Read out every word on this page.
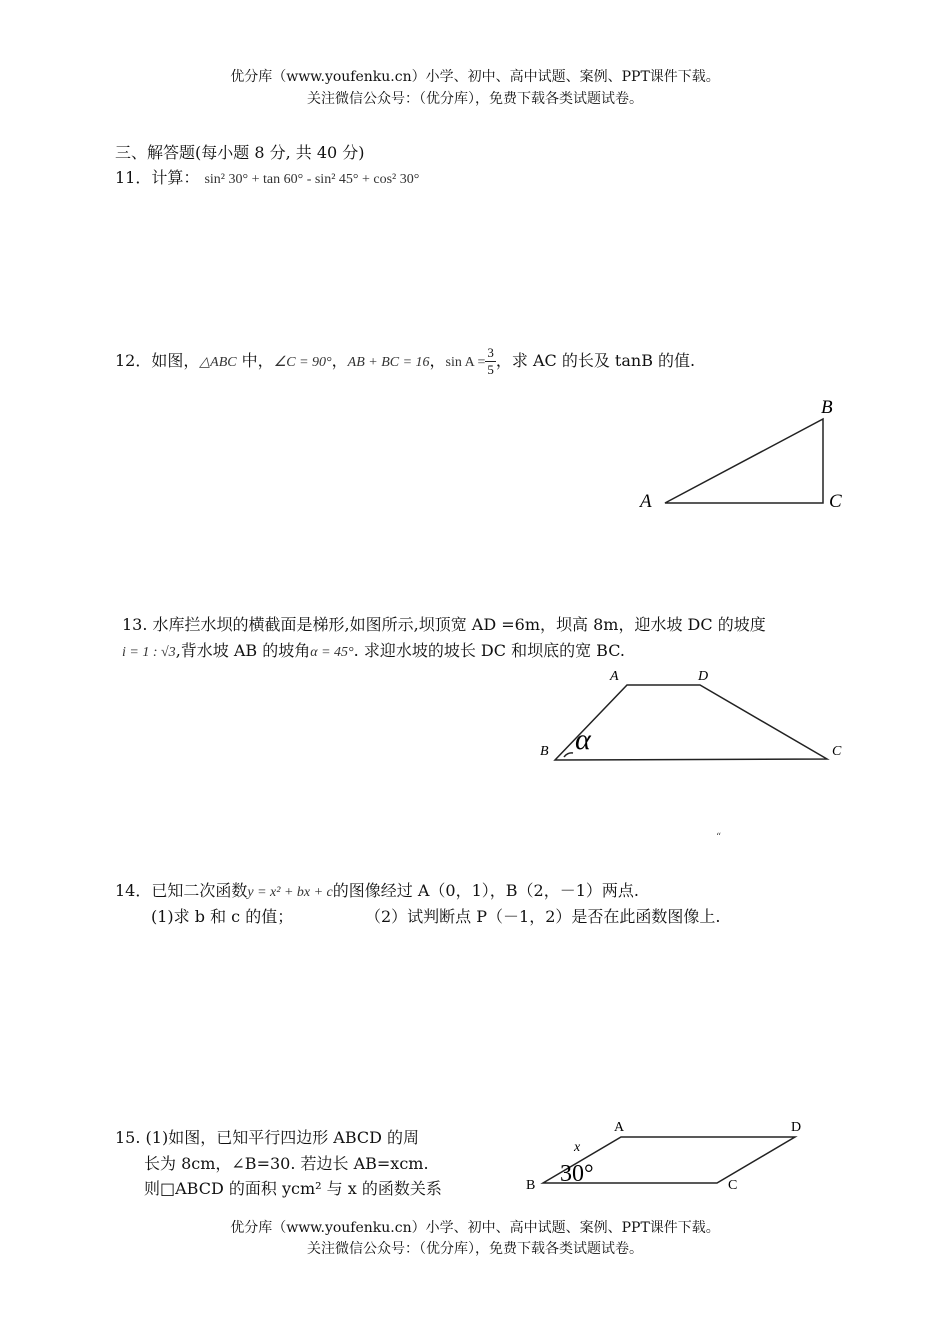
优分库（www.youfenku.cn）小学、初中、高中试题、案例、PPT课件下载。
关注微信公众号：（优分库），免费下载各类试题试卷。
三、解答题(每小题 8 分, 共 40 分)
11．计算： sin² 30° + tan 60° - sin² 45° + cos² 30°
12．如图，△ABC 中，∠C = 90°，AB + BC = 16，$\sin A = \frac{3}{5}$ ，求 AC 的长及 tanB 的值.
A
B
C
13. 水库拦水坝的横截面是梯形,如图所示,坝顶宽 AD =6m，坝高 8m，迎水坡 DC 的坡度
i = 1 : √3,背水坡 AB 的坡角α = 45°. 求迎水坡的坡长 DC 和坝底的宽 BC.
A	D
B	C
α
“
14．已知二次函数y = x² + bx + c的图像经过 A（0，1），B（2，－1）两点.
(1)求 b 和 c 的值；	（2）试判断点 P（－1，2）是否在此函数图像上.
15. (1)如图，已知平行四边形 ABCD 的周
长为 8cm，∠B=30. 若边长 AB=xcm.
则□ABCD 的面积 ycm² 与 x 的函数关系
A	D
B	C
x
30°
优分库（www.youfenku.cn）小学、初中、高中试题、案例、PPT课件下载。
关注微信公众号：（优分库），免费下载各类试题试卷。
